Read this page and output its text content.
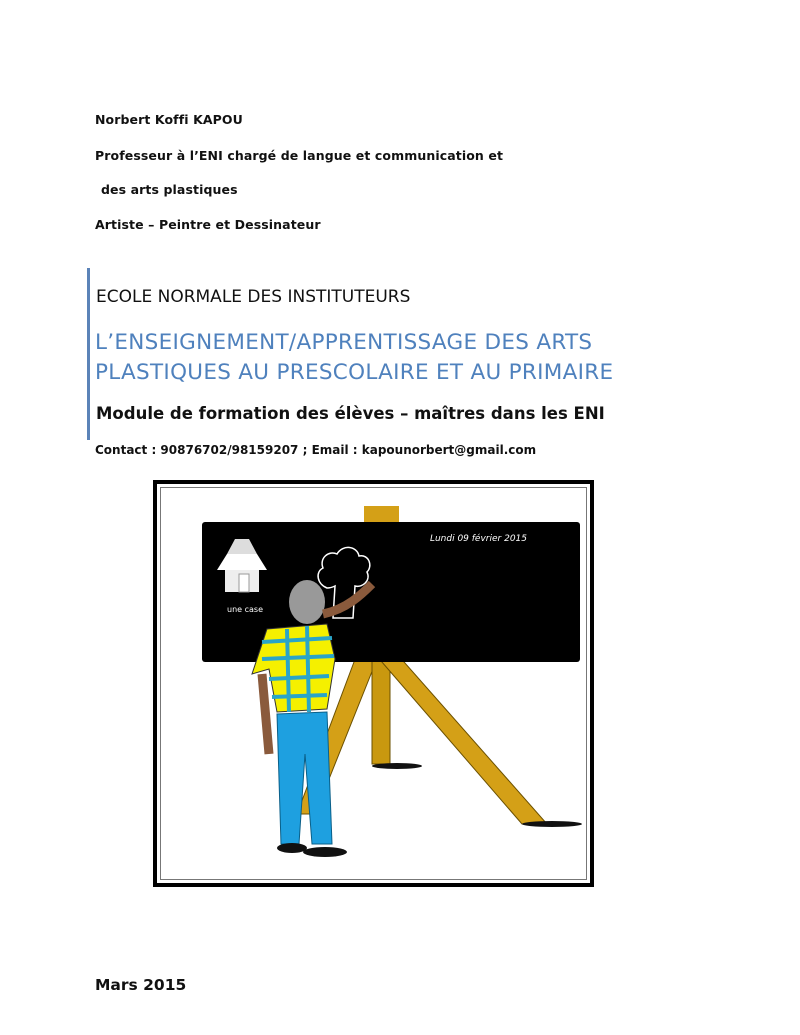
Norbert Koffi KAPOU
Professeur à l’ENI chargé de langue et communication et
des arts plastiques
Artiste – Peintre et Dessinateur
ECOLE NORMALE DES INSTITUTEURS
L’ENSEIGNEMENT/APPRENTISSAGE DES ARTS
PLASTIQUES AU PRESCOLAIRE ET AU PRIMAIRE
Module de formation des élèves – maîtres dans les ENI
Contact : 90876702/98159207 ; Email : kapounorbert@gmail.com
Lundi 09 février 2015
une case
Mars 2015
